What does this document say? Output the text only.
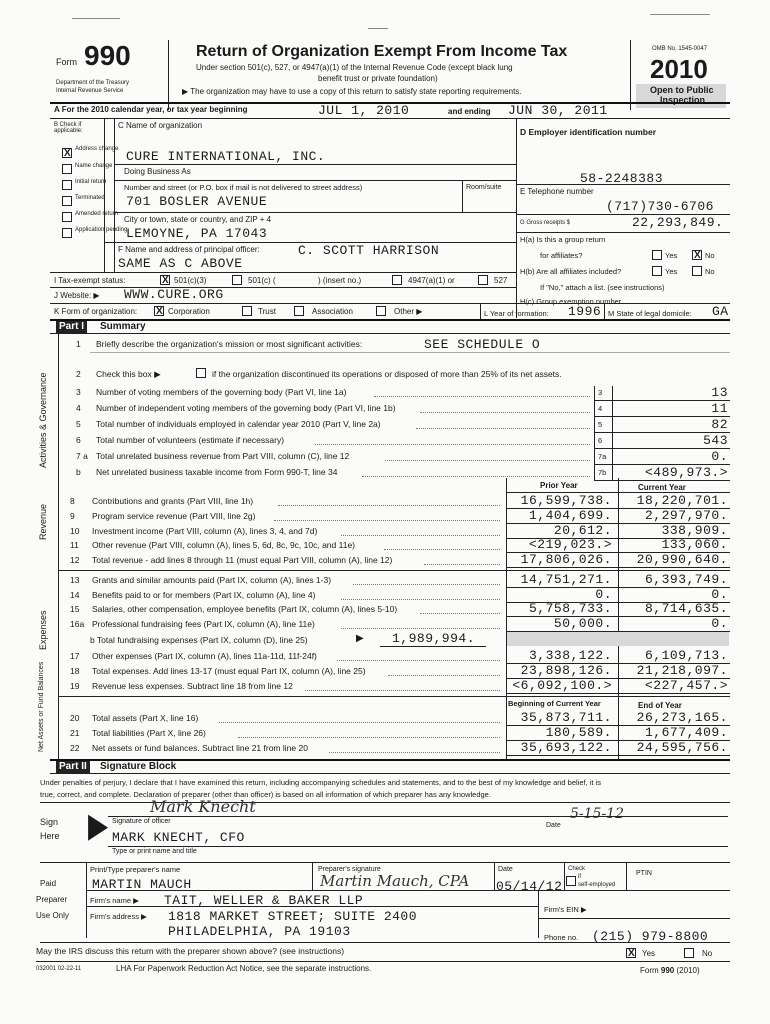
Form 990
Department of the Treasury
Internal Revenue Service
Return of Organization Exempt From Income Tax
Under section 501(c), 527, or 4947(a)(1) of the Internal Revenue Code (except black lung
benefit trust or private foundation)
▶ The organization may have to use a copy of this return to satisfy state reporting requirements.
OMB No. 1545-0047
2010
Open to Public
Inspection
A For the 2010 calendar year, or tax year beginning	JUL 1, 2010	and ending JUN 30, 2011
B Check if applicable:
X
Address change
Name change
Initial return
Terminated
Amended return
Application pending
C Name of organization
CURE INTERNATIONAL, INC.
Doing Business As
Number and street (or P.O. box if mail is not delivered to street address)	Room/suite
701 BOSLER AVENUE
City or town, state or country, and ZIP + 4
LEMOYNE, PA 17043
F Name and address of principal officer:	C. SCOTT HARRISON
SAME AS C ABOVE
D Employer identification number
58-2248383
E Telephone number
(717)730-6706
G Gross receipts $	22,293,849.
H(a) Is this a group return
for affiliates?	Yes X	No
H(b) Are all affiliates included?	Yes	No
If "No," attach a list. (see instructions)
H(c) Group exemption number
I Tax-exempt status: X	501(c)(3)	501(c) (	) (insert no.)	4947(a)(1) or	527
J Website: ▶ WWW.CURE.ORG
K Form of organization: X	Corporation	Trust	Association	Other ▶	L Year of formation: 1996 M State of legal domicile: GA
Part I	Summary
Activities & Governance
Revenue
Expenses
Net Assets or Fund Balances
1 Briefly describe the organization's mission or most significant activities:	SEE SCHEDULE O
2 Check this box ▶	if the organization discontinued its operations or disposed of more than 25% of its net assets.
Prior Year	Current Year
b Total fundraising expenses (Part IX, column (D), line 25)	▶ 1,989,994.
Beginning of Current Year	End of Year
Part II	Signature Block
Under penalties of perjury, I declare that I have examined this return, including accompanying schedules and statements, and to the best of my knowledge and belief, it is
true, correct, and complete. Declaration of preparer (other than officer) is based on all information of which preparer has any knowledge.
Sign
Here ▶	Mark Knecht	5-15-12
Signature of officer
Date
MARK KNECHT, CFO
Type or print name and title
Paid
Preparer
Use Only
Print/Type preparer's name
MARTIN MAUCH
Preparer's signature
Martin Mauch, CPA
Date
05/14/12
Check
if
self-employed
PTIN
Firm's name ▶ TAIT, WELLER & BAKER LLP
Firm's EIN ▶
Firm's address ▶ 1818 MARKET STREET; SUITE 2400
PHILADELPHIA, PA 19103	Phone no. (215) 979-8800
May the IRS discuss this return with the preparer shown above? (see instructions) X	Yes	No
032001 02-22-11	LHA For Paperwork Reduction Act Notice, see the separate instructions.	Form 990 (2010)
3 Number of voting members of the governing body (Part VI, line 1a)	3	13
4 Number of independent voting members of the governing body (Part VI, line 1b)	4	11
5 Total number of individuals employed in calendar year 2010 (Part V, line 2a)	5	82
6 Total number of volunteers (estimate if necessary)	6	543
7 a Total unrelated business revenue from Part VIII, column (C), line 12	7a	0.
b Net unrelated business taxable income from Form 990-T, line 34	7b	<489,973.>
8 Contributions and grants (Part VIII, line 1h)	16,599,738.	18,220,701.
9 Program service revenue (Part VIII, line 2g)	1,404,699.	2,297,970.
10 Investment income (Part VIII, column (A), lines 3, 4, and 7d)	20,612.	338,909.
11 Other revenue (Part VIII, column (A), lines 5, 6d, 8c, 9c, 10c, and 11e)	<219,023.>	133,060.
12 Total revenue - add lines 8 through 11 (must equal Part VIII, column (A), line 12)	17,806,026.	20,990,640.
13 Grants and similar amounts paid (Part IX, column (A), lines 1-3)	14,751,271.	6,393,749.
14 Benefits paid to or for members (Part IX, column (A), line 4)	0.	0.
15 Salaries, other compensation, employee benefits (Part IX, column (A), lines 5-10)	5,758,733.	8,714,635.
16a Professional fundraising fees (Part IX, column (A), line 11e)	50,000.	0.
17 Other expenses (Part IX, column (A), lines 11a-11d, 11f-24f)	3,338,122.	6,109,713.
18 Total expenses. Add lines 13-17 (must equal Part IX, column (A), line 25)	23,898,126.	21,218,097.
19 Revenue less expenses. Subtract line 18 from line 12	<6,092,100.>	<227,457.>
20 Total assets (Part X, line 16)	35,873,711.	26,273,165.
21 Total liabilities (Part X, line 26)	180,589.	1,677,409.
22 Net assets or fund balances. Subtract line 21 from line 20	35,693,122.	24,595,756.
